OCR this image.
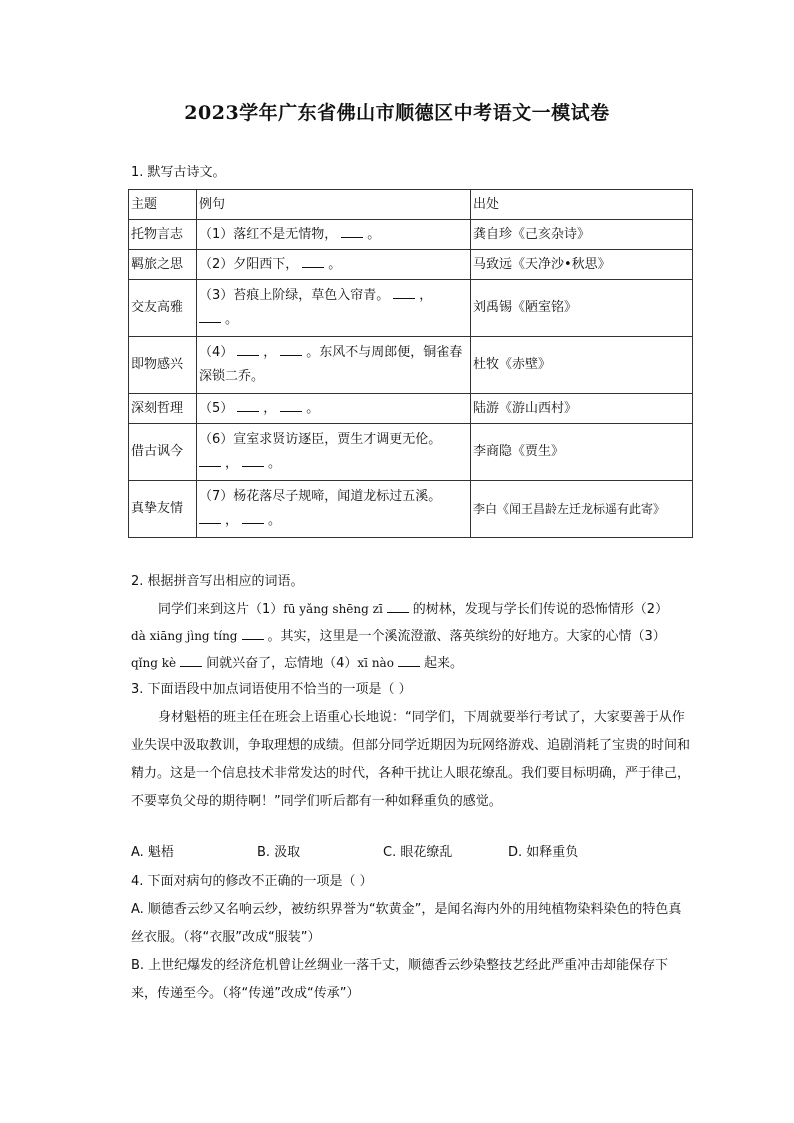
2023学年广东省佛山市顺德区中考语文一模试卷
1. 默写古诗文。
主题	例句	出处
托物言志	（1）落红不是无情物， 。	龚自珍《己亥杂诗》
羁旅之思	（2）夕阳西下， 。	马致远《天净沙•秋思》
交友高雅	（3）苔痕上阶绿，草色入帘青。 ，
。	刘禹锡《陋室铭》
即物感兴	（4） ， 。东风不与周郎便，铜雀春深锁二乔。	杜牧《赤壁》
深刻哲理	（5） ， 。	陆游《游山西村》
借古讽今	（6）宣室求贤访逐臣，贾生才调更无伦。
， 。	李商隐《贾生》
真挚友情	（7）杨花落尽子规啼，闻道龙标过五溪。
， 。	李白《闻王昌龄左迁龙标遥有此寄》
2. 根据拼音写出相应的词语。
同学们来到这片（1）fū yǎng shēng zī 的树林，发现与学长们传说的恐怖情形（2）
dà xiāng jìng tíng 。其实，这里是一个溪流澄澈、落英缤纷的好地方。大家的心情（3）
qǐng kè 间就兴奋了，忘情地（4）xī nào 起来。
3. 下面语段中加点词语使用不恰当的一项是（ ）
身材魁梧的班主任在班会上语重心长地说：“同学们，下周就要举行考试了，大家要善于从作业失误中汲取教训，争取理想的成绩。但部分同学近期因为玩网络游戏、追剧消耗了宝贵的时间和精力。这是一个信息技术非常发达的时代，各种干扰让人眼花缭乱。我们要目标明确，严于律己，不要辜负父母的期待啊！”同学们听后都有一种如释重负的感觉。
A. 魁梧	B. 汲取	C. 眼花缭乱	D. 如释重负
4. 下面对病句的修改不正确的一项是（ ）
A. 顺德香云纱又名响云纱，被纺织界誉为“软黄金”，是闻名海内外的用纯植物染料染色的特色真丝衣服。（将“衣服”改成“服装”）
B. 上世纪爆发的经济危机曾让丝绸业一落千丈，顺德香云纱染整技艺经此严重冲击却能保存下来，传递至今。（将“传递”改成“传承”）
